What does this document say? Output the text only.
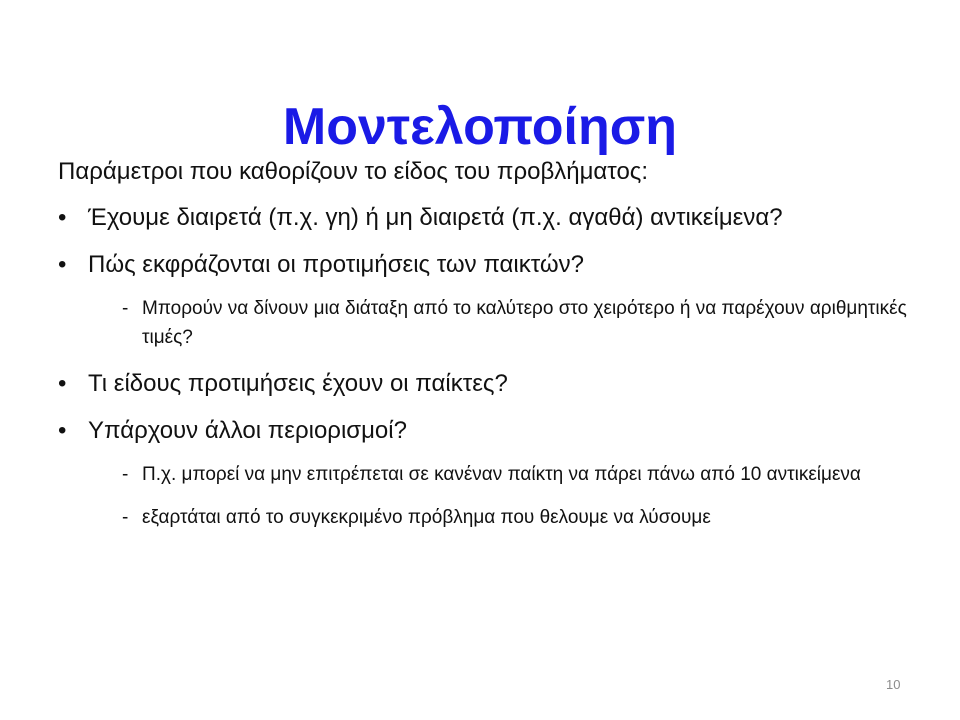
Μοντελοποίηση
Παράμετροι που καθορίζουν το είδος του προβλήματος:
• Έχουμε διαιρετά (π.χ. γη) ή μη διαιρετά (π.χ. αγαθά) αντικείμενα?
• Πώς εκφράζονται οι προτιμήσεις των παικτών?
- Μπορούν να δίνουν μια διάταξη από το καλύτερο στο χειρότερο ή να παρέχουν αριθμητικές τιμές?
• Τι είδους προτιμήσεις έχουν οι παίκτες?
• Υπάρχουν άλλοι περιορισμοί?
- Π.χ. μπορεί να μην επιτρέπεται σε κανέναν παίκτη να πάρει πάνω από 10 αντικείμενα
- εξαρτάται από το συγκεκριμένο πρόβλημα που θελουμε να λύσουμε
10
